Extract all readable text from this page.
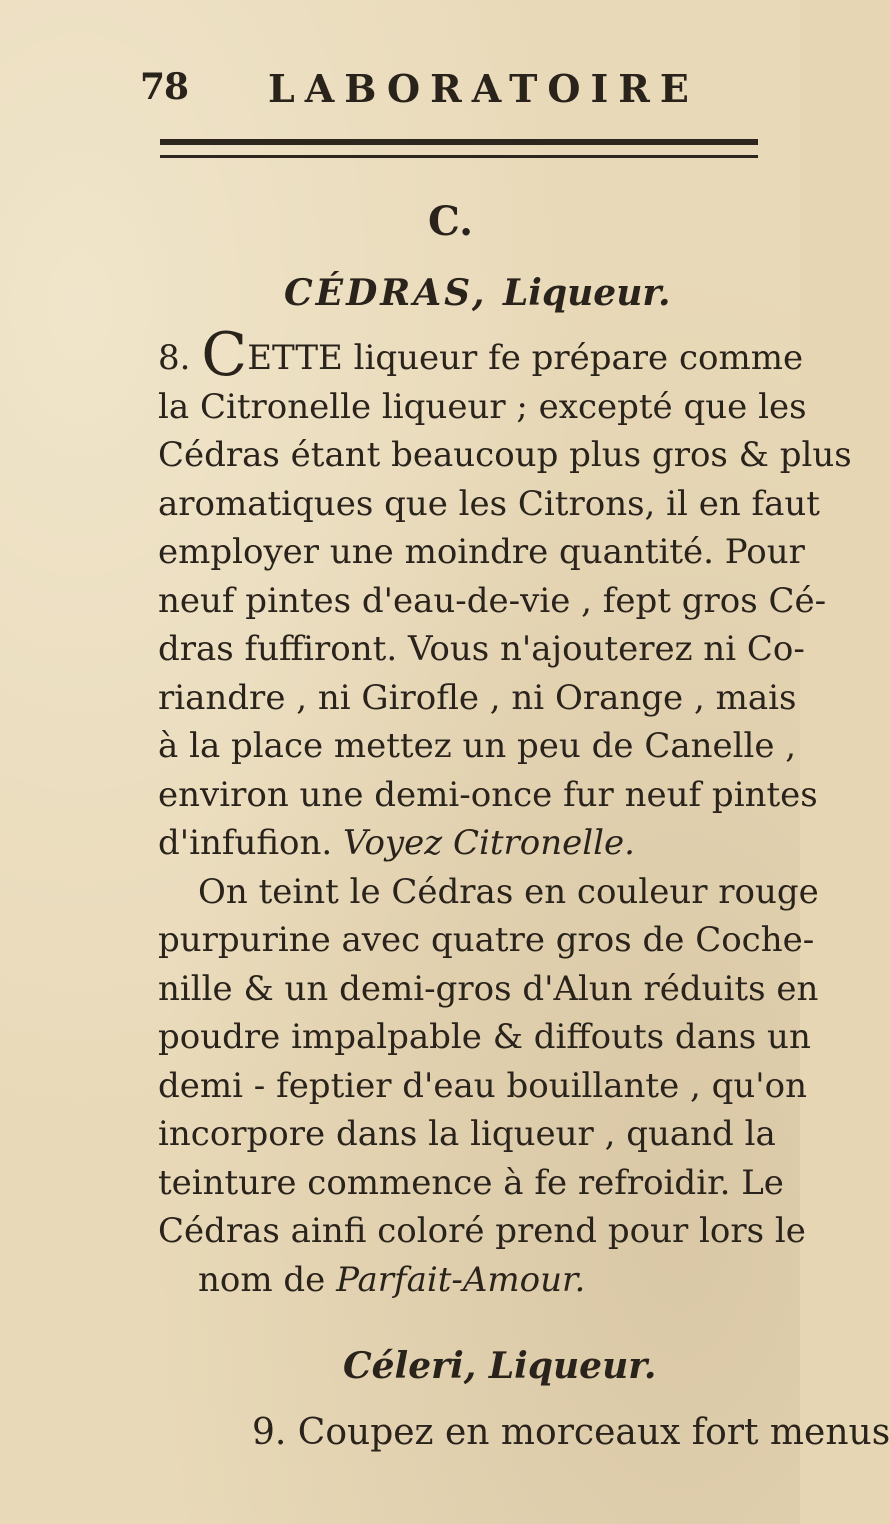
78 LABORATOIRE
C.
CÉDRAS, Liqueur.

8. CETTE liqueur fe prépare comme
la Citronelle liqueur ; excepté que les
Cédras étant beaucoup plus gros & plus
aromatiques que les Citrons, il en faut
employer une moindre quantité. Pour
neuf pintes d'eau-de-vie , fept gros Cé-
dras fuffiront. Vous n'ajouterez ni Co-
riandre , ni Girofle , ni Orange , mais
à la place mettez un peu de Canelle ,
environ une demi-once fur neuf pintes
d'infufion. Voyez Citronelle.

On teint le Cédras en couleur rouge
purpurine avec quatre gros de Coche-
nille & un demi-gros d'Alun réduits en
poudre impalpable & diffouts dans un
demi - feptier d'eau bouillante , qu'on
incorpore dans la liqueur , quand la
teinture commence à fe refroidir. Le
Cédras ainfi coloré prend pour lors le
nom de Parfait-Amour.

Céleri, Liqueur.
9. Coupez en morceaux fort menus
